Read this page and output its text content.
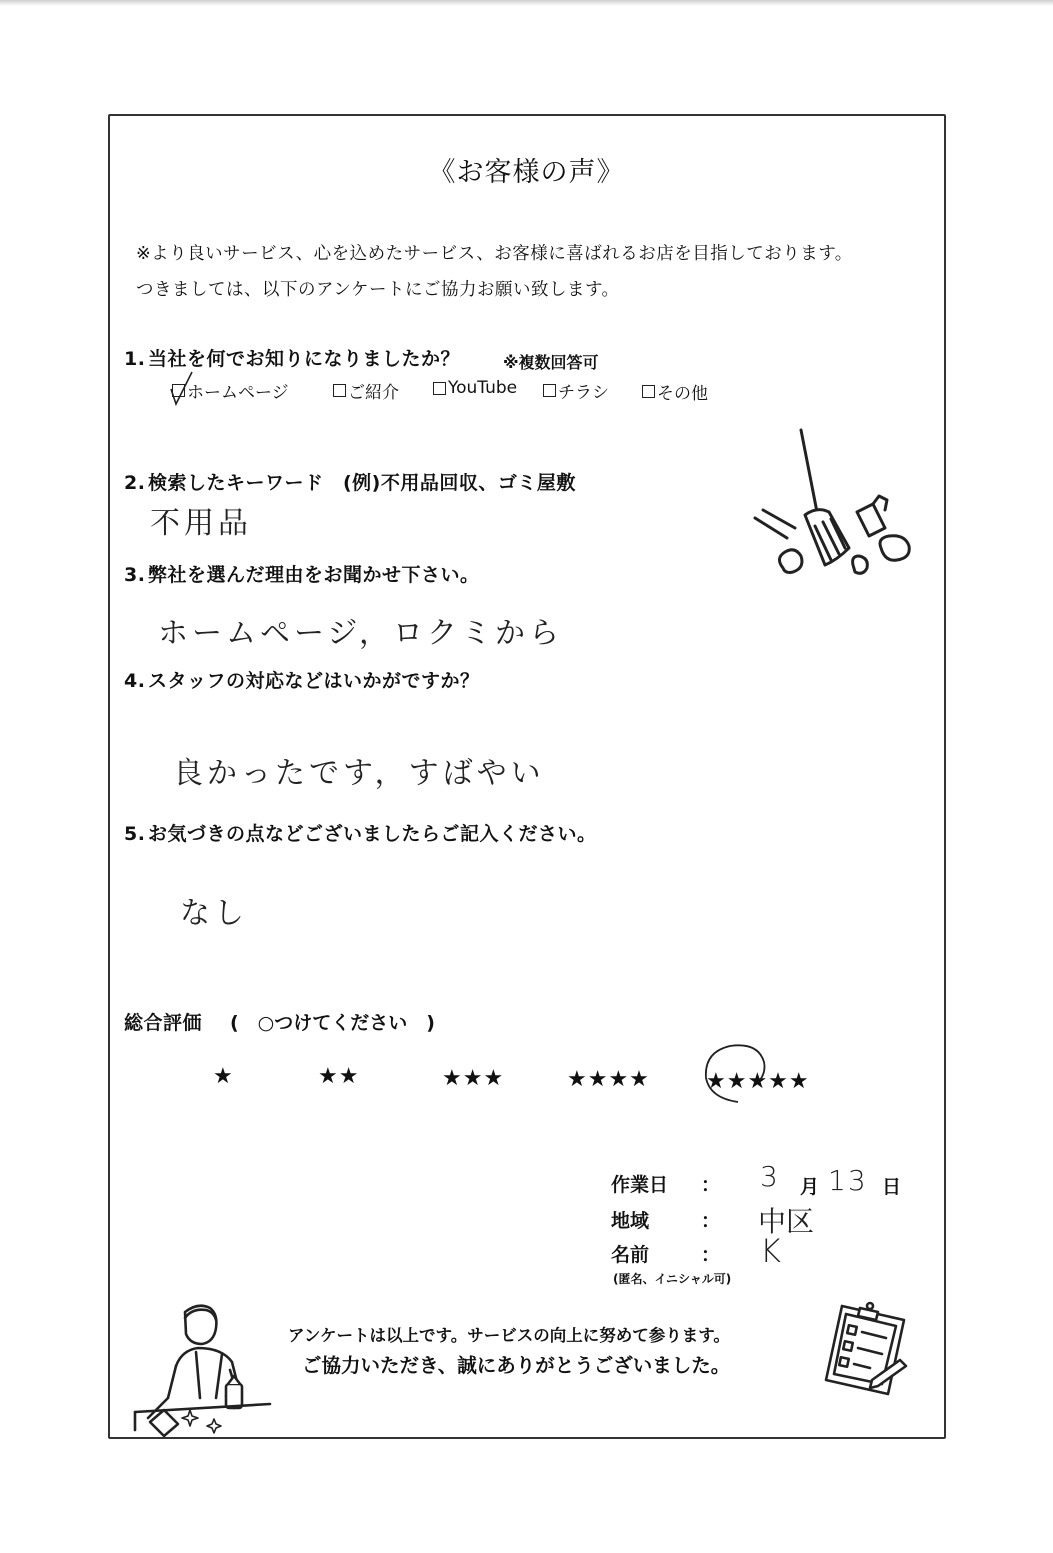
《お客様の声》
※より良いサービス、心を込めたサービス、お客様に喜ばれるお店を目指しております。
つきましては、以下のアンケートにご協力お願い致します。
1. 当社を何でお知りになりましたか？	※複数回答可
ホームページ	ご紹介	YouTube チラシ	その他
2. 検索したキーワード　(例)不用品回収、ゴミ屋敷
不用品
3. 弊社を選んだ理由をお聞かせ下さい。
ホームページ，ロクミから
4. スタッフの対応などはいかがですか？
良かったです，すばやい
5. お気づきの点などございましたらご記入ください。
なし
総合評価 (　○つけてください　)
★	★★	★★★	★★★★	★★★★★
作業日 ： 3 月 13 日
地域	： 中区
名前	： K
(匿名、イニシャル可)
アンケートは以上です。サービスの向上に努めて参ります。
ご協力いただき、誠にありがとうございました。
